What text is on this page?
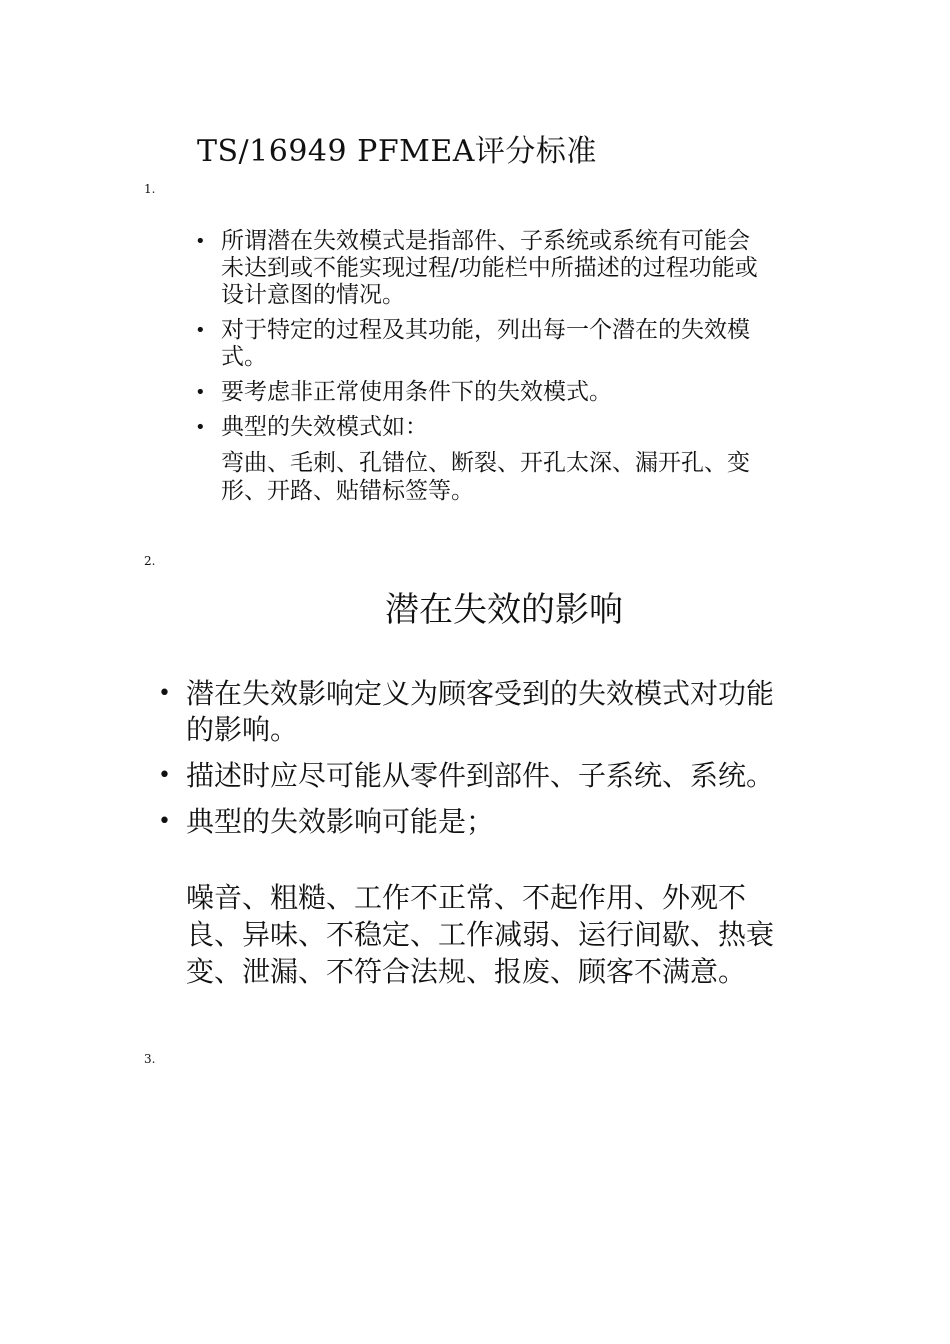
TS/16949 PFMEA评分标准
1.
• 所谓潜在失效模式是指部件、子系统或系统有可能会未达到或不能实现过程/功能栏中所描述的过程功能或设计意图的情况。
• 对于特定的过程及其功能，列出每一个潜在的失效模式。
• 要考虑非正常使用条件下的失效模式。
• 典型的失效模式如：
弯曲、毛刺、孔错位、断裂、开孔太深、漏开孔、变形、开路、贴错标签等。
2.
潜在失效的影响
• 潜在失效影响定义为顾客受到的失效模式对功能的影响。
• 描述时应尽可能从零件到部件、子系统、系统。
• 典型的失效影响可能是；
噪音、粗糙、工作不正常、不起作用、外观不良、异味、不稳定、工作减弱、运行间歇、热衰变、泄漏、不符合法规、报废、顾客不满意。
3.
